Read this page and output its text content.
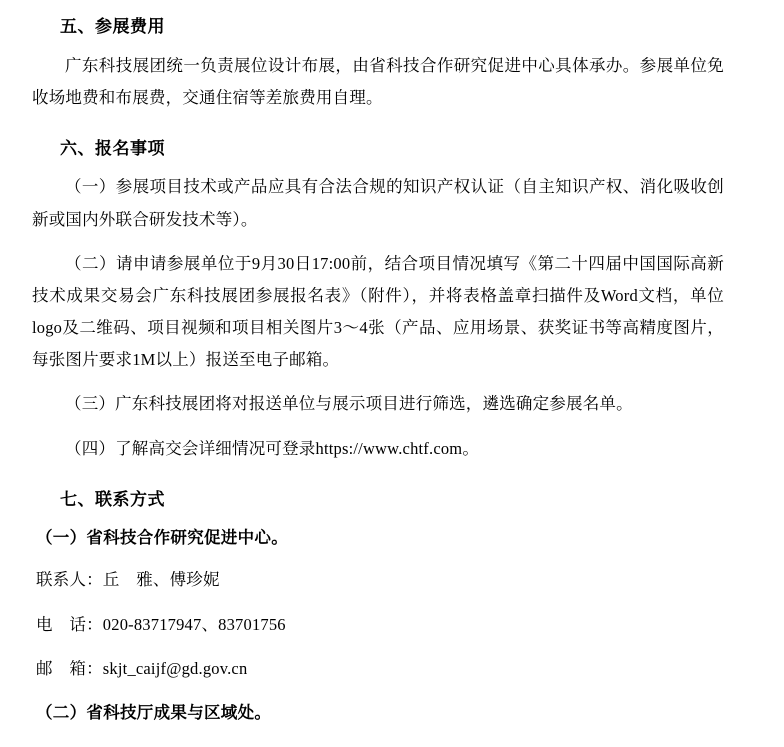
五、参展费用

广东科技展团统一负责展位设计布展，由省科技合作研究促进中心具体承办。参展单位免收场地费和布展费，交通住宿等差旅费用自理。

六、报名事项

（一）参展项目技术或产品应具有合法合规的知识产权认证（自主知识产权、消化吸收创新或国内外联合研发技术等）。

（二）请申请参展单位于9月30日17:00前，结合项目情况填写《第二十四届中国国际高新技术成果交易会广东科技展团参展报名表》（附件），并将表格盖章扫描件及Word文档，单位logo及二维码、项目视频和项目相关图片3～4张（产品、应用场景、获奖证书等高精度图片，每张图片要求1M以上）报送至电子邮箱。

（三）广东科技展团将对报送单位与展示项目进行筛选，遴选确定参展名单。

（四）了解高交会详细情况可登录https://www.chtf.com。

七、联系方式

（一）省科技合作研究促进中心。

联系人：丘　雅、傅珍妮

电　话：020-83717947、83701756

邮　箱：skjt_caijf@gd.gov.cn

（二）省科技厅成果与区域处。
